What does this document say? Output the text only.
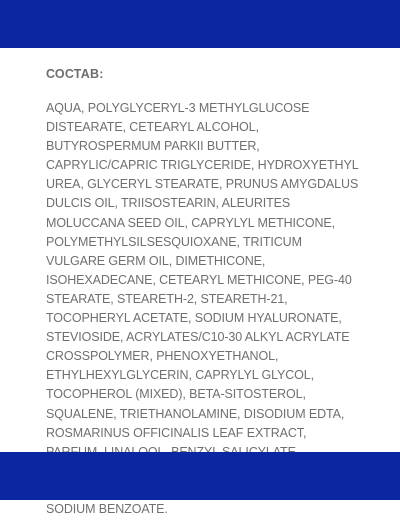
СОСТАВ:
AQUA, POLYGLYCERYL-3 METHYLGLUCOSE
DISTEARATE, CETEARYL ALCOHOL,
BUTYROSPERMUM PARKII BUTTER,
CAPRYLIC/CAPRIC TRIGLYCERIDE, HYDROXYETHYL
UREA, GLYCERYL STEARATE, PRUNUS AMYGDALUS
DULCIS OIL, TRIISOSTEARIN, ALEURITES
MOLUCCANA SEED OIL, CAPRYLYL METHICONE,
POLYMETHYLSILSESQUIOXANE, TRITICUM
VULGARE GERM OIL, DIMETHICONE,
ISOHEXADECANE, CETEARYL METHICONE, PEG-40
STEARATE, STEARETH-2, STEARETH-21,
TOCOPHERYL ACETATE, SODIUM HYALURONATE,
STEVIOSIDE, ACRYLATES/C10-30 ALKYL ACRYLATE
CROSSPOLYMER, PHENOXYETHANOL,
ETHYLHEXYLGLYCERIN, CAPRYLYL GLYCOL,
TOCOPHEROL (MIXED), BETA-SITOSTEROL,
SQUALENE, TRIETHANOLAMINE, DISODIUM EDTA,
ROSMARINUS OFFICINALIS LEAF EXTRACT,
SODIUM BENZOATE.
